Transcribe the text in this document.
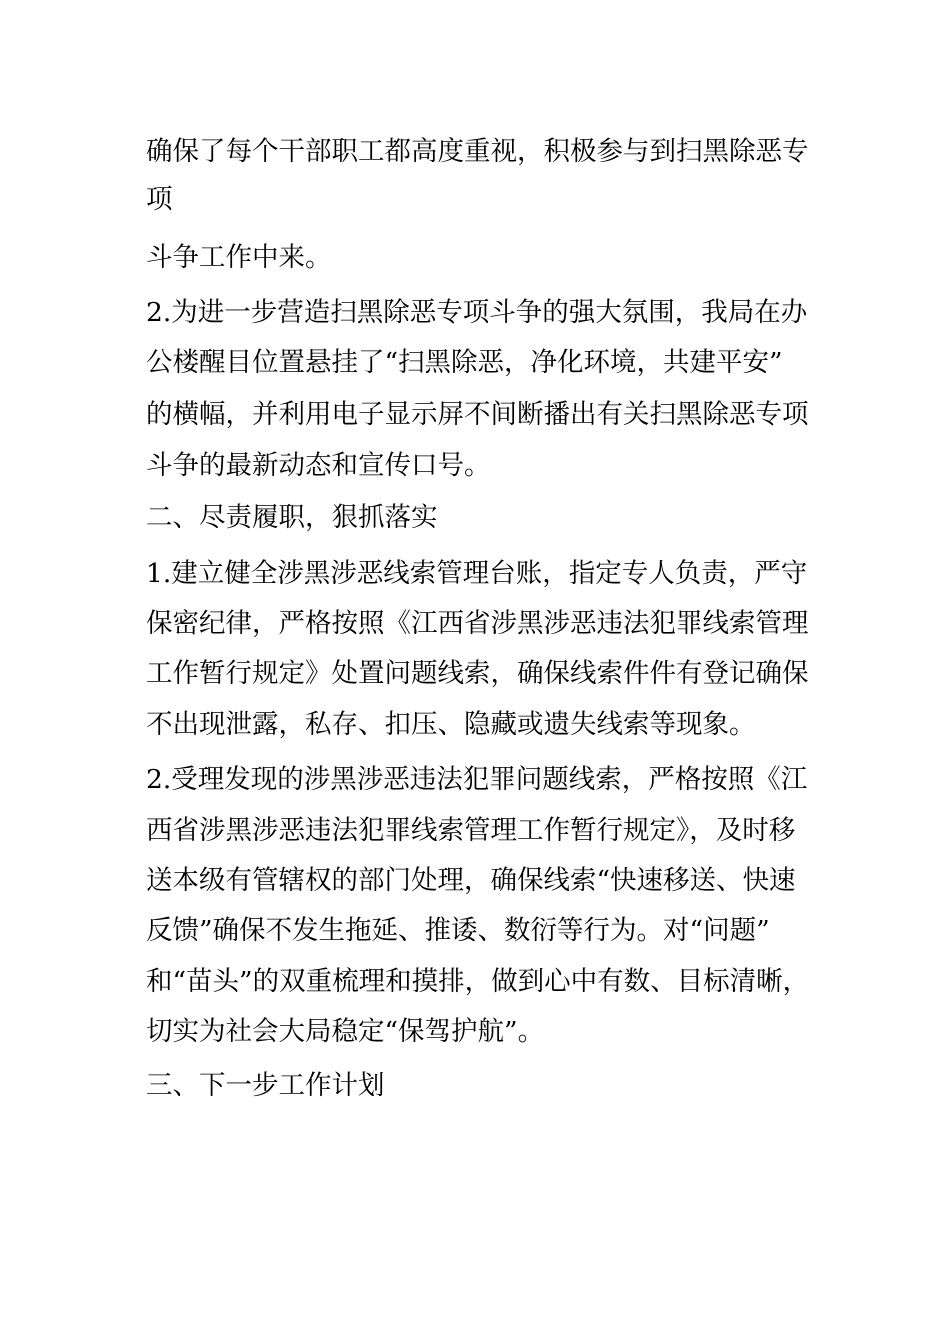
确保了每个干部职工都高度重视，积极参与到扫黑除恶专
项
斗争工作中来。
2.为进一步营造扫黑除恶专项斗争的强大氛围，我局在办
公楼醒目位置悬挂了“扫黑除恶，净化环境，共建平安”
的横幅，并利用电子显示屏不间断播出有关扫黑除恶专项
斗争的最新动态和宣传口号。
二、尽责履职，狠抓落实
1.建立健全涉黑涉恶线索管理台账，指定专人负责，严守
保密纪律，严格按照《江西省涉黑涉恶违法犯罪线索管理
工作暂行规定》处置问题线索，确保线索件件有登记确保
不出现泄露，私存、扣压、隐藏或遗失线索等现象。
2.受理发现的涉黑涉恶违法犯罪问题线索，严格按照《江
西省涉黑涉恶违法犯罪线索管理工作暂行规定》，及时移
送本级有管辖权的部门处理，确保线索“快速移送、快速
反馈”确保不发生拖延、推诿、数衍等行为。对“问题”
和“苗头”的双重梳理和摸排，做到心中有数、目标清晰，
切实为社会大局稳定“保驾护航”。
三、下一步工作计划
